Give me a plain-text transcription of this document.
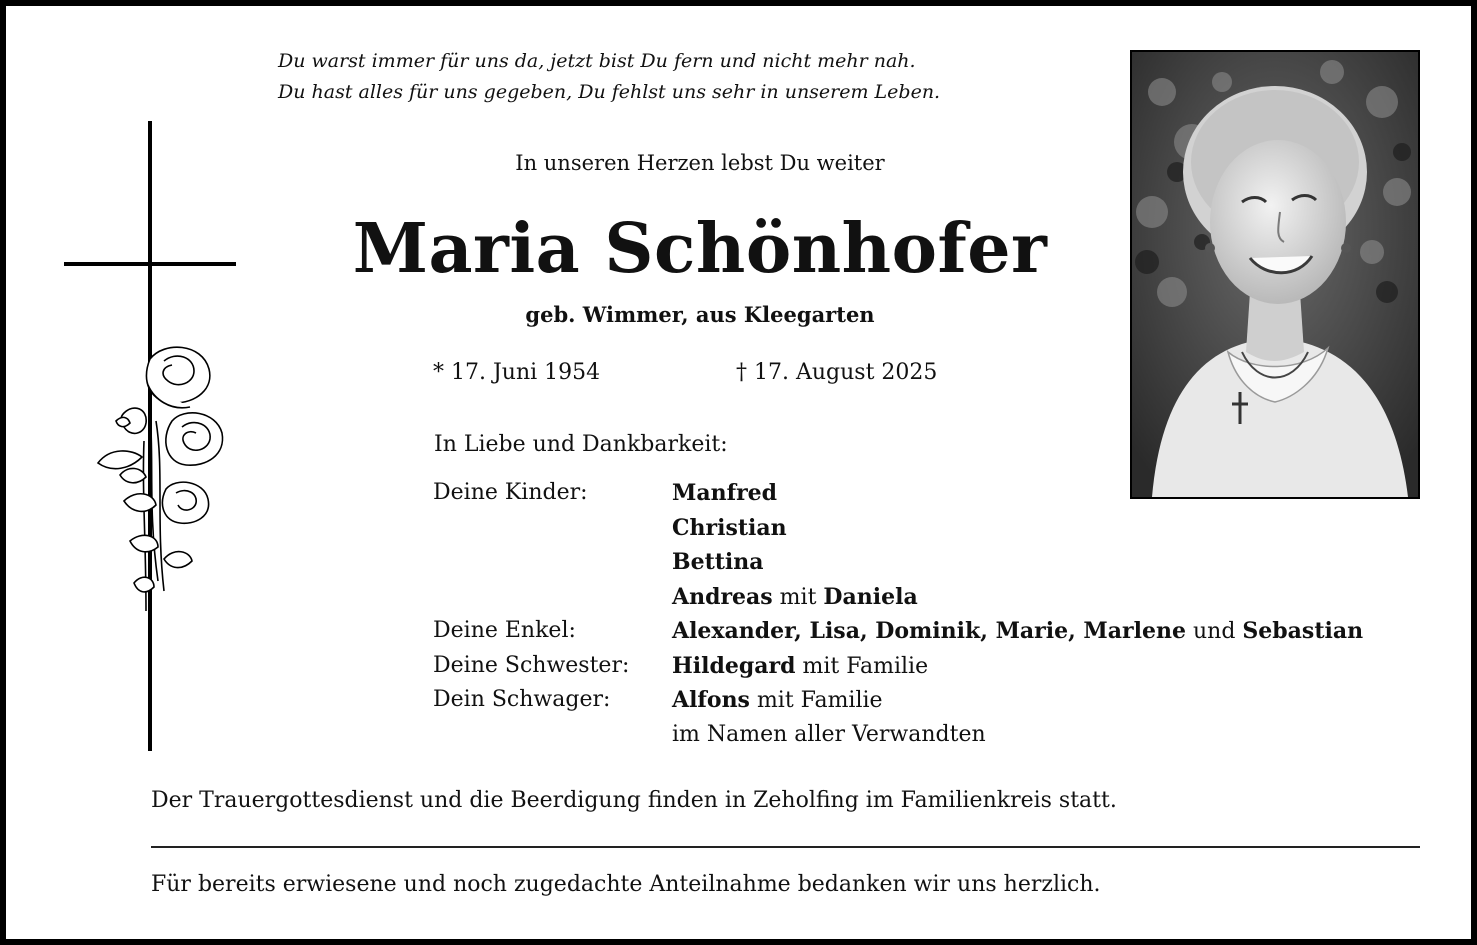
Du warst immer für uns da, jetzt bist Du fern und nicht mehr nah.
Du hast alles für uns gegeben, Du fehlst uns sehr in unserem Leben.
In unseren Herzen lebst Du weiter
Maria Schönhofer
geb. Wimmer, aus Kleegarten
* 17. Juni 1954	† 17. August 2025
In Liebe und Dankbarkeit:
Deine Kinder:	Manfred
Christian
Bettina
Andreas mit Daniela
Deine Enkel:	Alexander, Lisa, Dominik, Marie, Marlene und Sebastian
Deine Schwester: Hildegard mit Familie
Dein Schwager:	Alfons mit Familie
im Namen aller Verwandten
Der Trauergottesdienst und die Beerdigung finden in Zeholfing im Familienkreis statt.
Für bereits erwiesene und noch zugedachte Anteilnahme bedanken wir uns herzlich.
